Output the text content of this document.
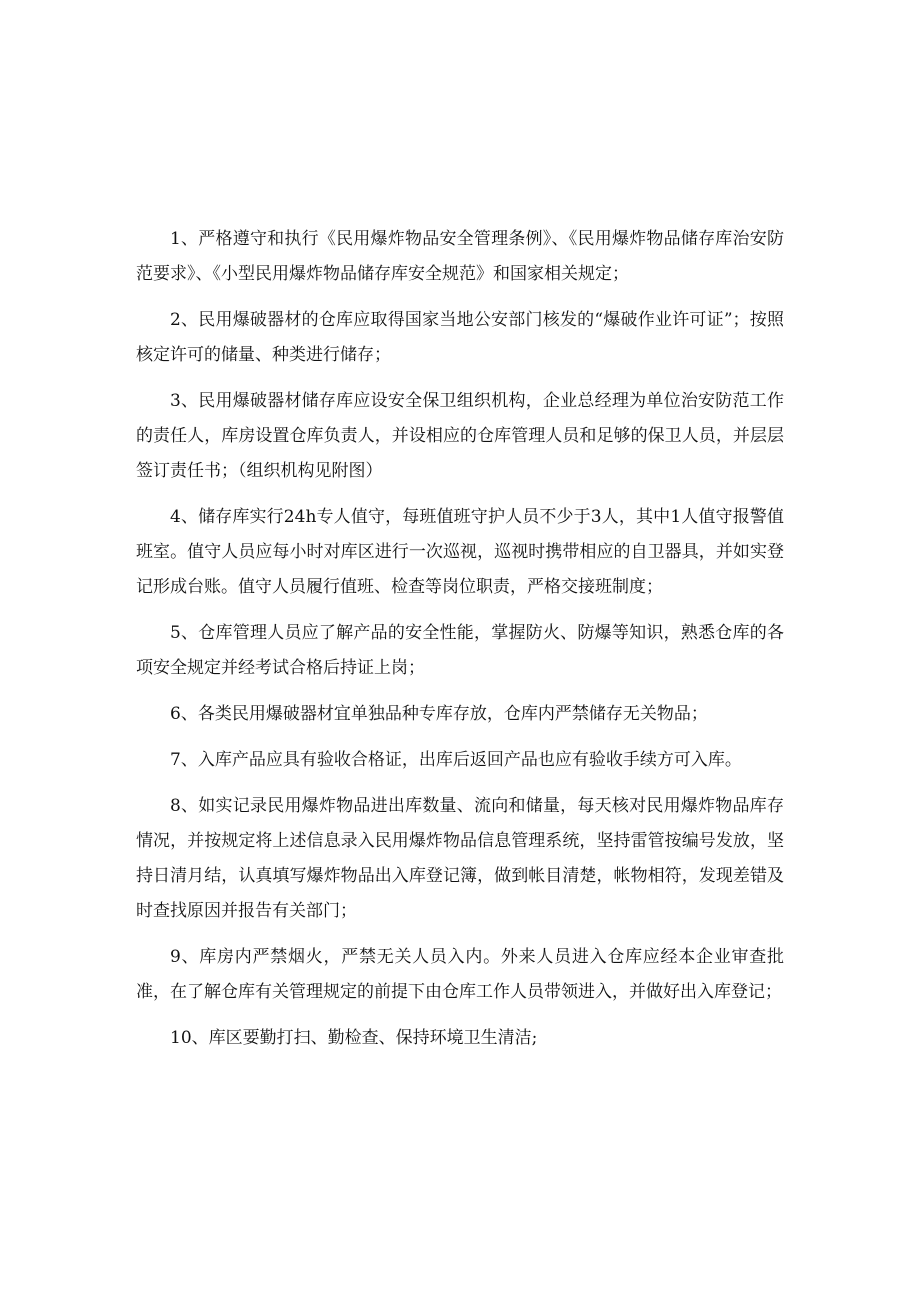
1、严格遵守和执行《民用爆炸物品安全管理条例》、《民用爆炸物品储存库治安防范要求》、《小型民用爆炸物品储存库安全规范》和国家相关规定；

2、民用爆破器材的仓库应取得国家当地公安部门核发的“爆破作业许可证”；按照核定许可的储量、种类进行储存；

3、民用爆破器材储存库应设安全保卫组织机构，企业总经理为单位治安防范工作的责任人，库房设置仓库负责人，并设相应的仓库管理人员和足够的保卫人员，并层层签订责任书；（组织机构见附图）

4、储存库实行24h专人值守，每班值班守护人员不少于3人，其中1人值守报警值班室。值守人员应每小时对库区进行一次巡视，巡视时携带相应的自卫器具，并如实登记形成台账。值守人员履行值班、检查等岗位职责，严格交接班制度；

5、仓库管理人员应了解产品的安全性能，掌握防火、防爆等知识，熟悉仓库的各项安全规定并经考试合格后持证上岗；

6、各类民用爆破器材宜单独品种专库存放，仓库内严禁储存无关物品；

7、入库产品应具有验收合格证，出库后返回产品也应有验收手续方可入库。

8、如实记录民用爆炸物品进出库数量、流向和储量，每天核对民用爆炸物品库存情况，并按规定将上述信息录入民用爆炸物品信息管理系统，坚持雷管按编号发放，坚持日清月结，认真填写爆炸物品出入库登记簿，做到帐目清楚，帐物相符，发现差错及时查找原因并报告有关部门；

9、库房内严禁烟火，严禁无关人员入内。外来人员进入仓库应经本企业审查批准，在了解仓库有关管理规定的前提下由仓库工作人员带领进入，并做好出入库登记；

10、库区要勤打扫、勤检查、保持环境卫生清洁;
